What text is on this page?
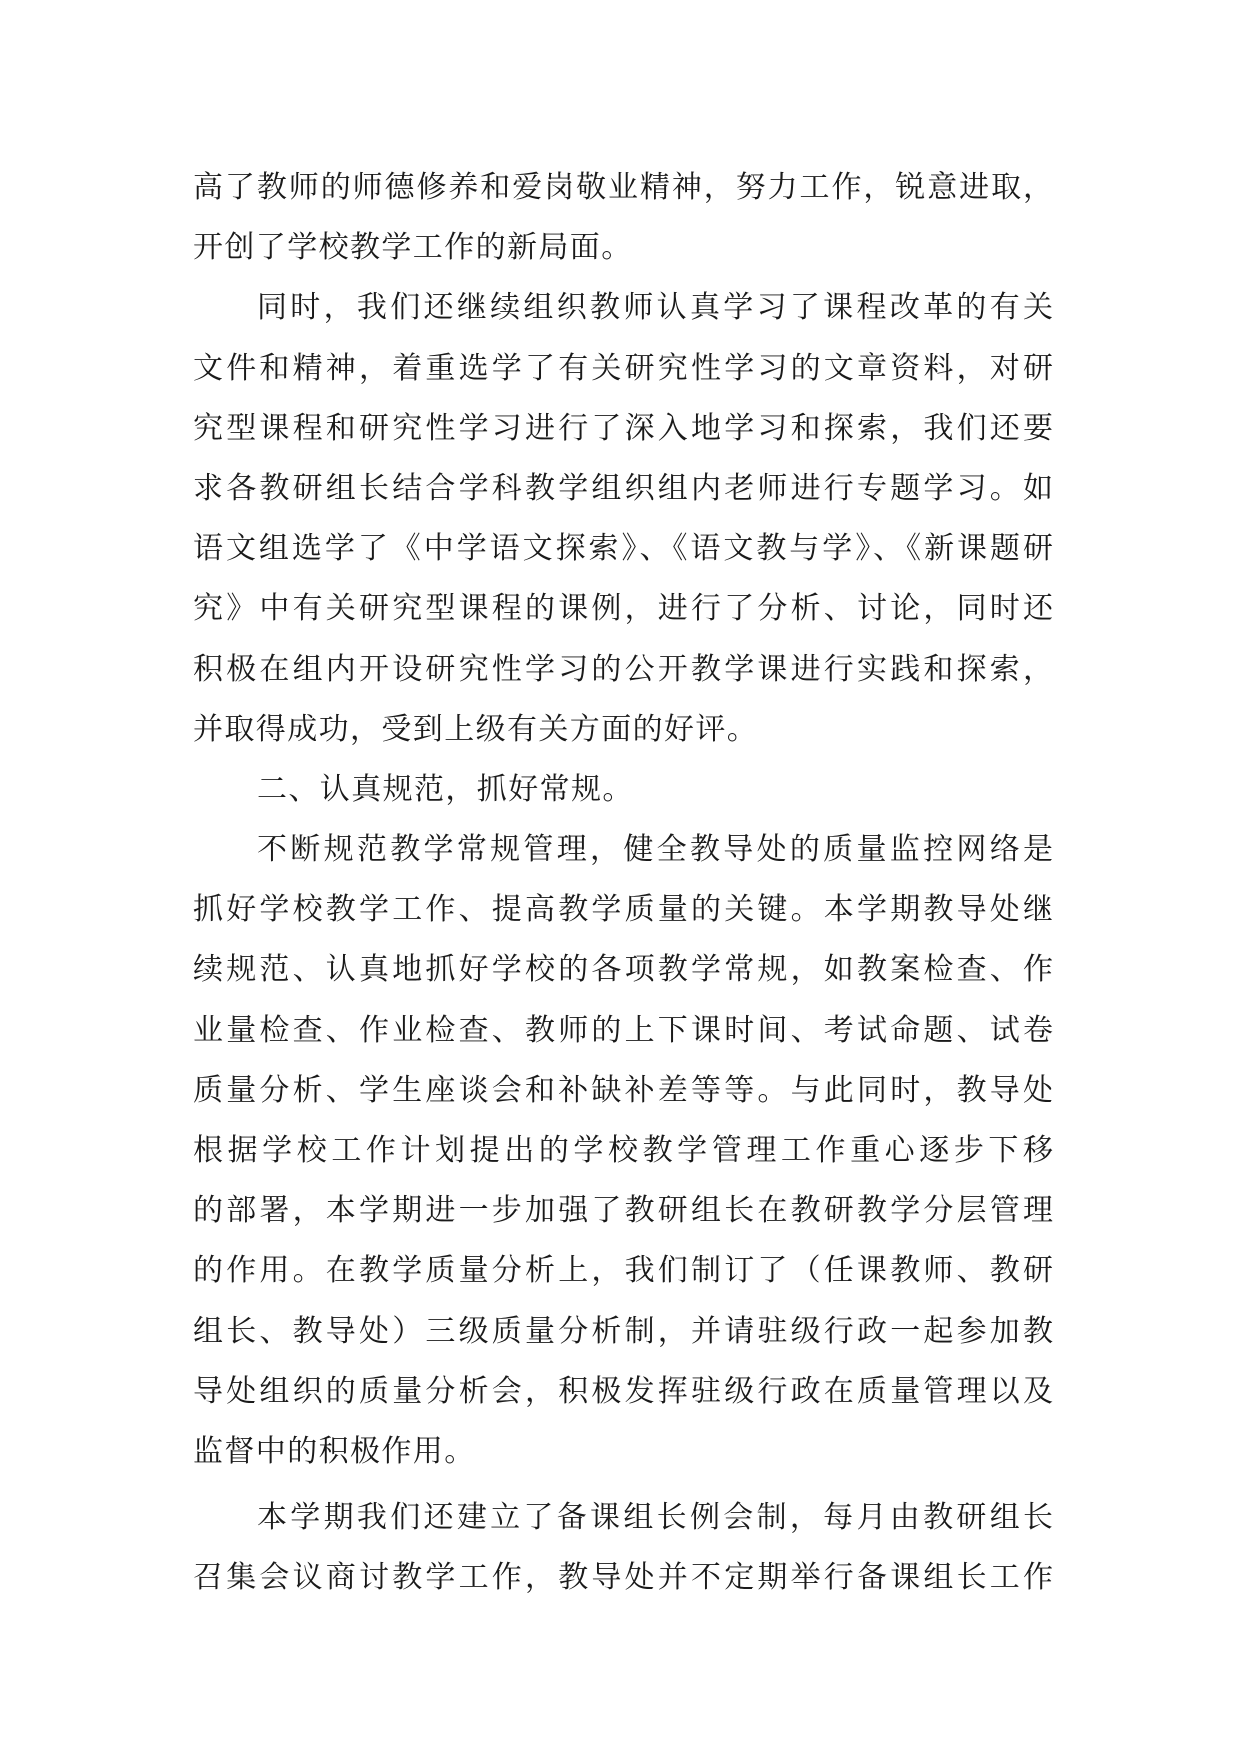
高了教师的师德修养和爱岗敬业精神，努力工作，锐意进取，
开创了学校教学工作的新局面。
同时，我们还继续组织教师认真学习了课程改革的有关
文件和精神，着重选学了有关研究性学习的文章资料，对研
究型课程和研究性学习进行了深入地学习和探索，我们还要
求各教研组长结合学科教学组织组内老师进行专题学习。如
语文组选学了《中学语文探索》、《语文教与学》、《新课题研
究》中有关研究型课程的课例，进行了分析、讨论，同时还
积极在组内开设研究性学习的公开教学课进行实践和探索，
并取得成功，受到上级有关方面的好评。
二、认真规范，抓好常规。
不断规范教学常规管理，健全教导处的质量监控网络是
抓好学校教学工作、提高教学质量的关键。本学期教导处继
续规范、认真地抓好学校的各项教学常规，如教案检查、作
业量检查、作业检查、教师的上下课时间、考试命题、试卷
质量分析、学生座谈会和补缺补差等等。与此同时，教导处
根据学校工作计划提出的学校教学管理工作重心逐步下移
的部署，本学期进一步加强了教研组长在教研教学分层管理
的作用。在教学质量分析上，我们制订了（任课教师、教研
组长、教导处）三级质量分析制，并请驻级行政一起参加教
导处组织的质量分析会，积极发挥驻级行政在质量管理以及
监督中的积极作用。
本学期我们还建立了备课组长例会制，每月由教研组长
召集会议商讨教学工作，教导处并不定期举行备课组长工作
